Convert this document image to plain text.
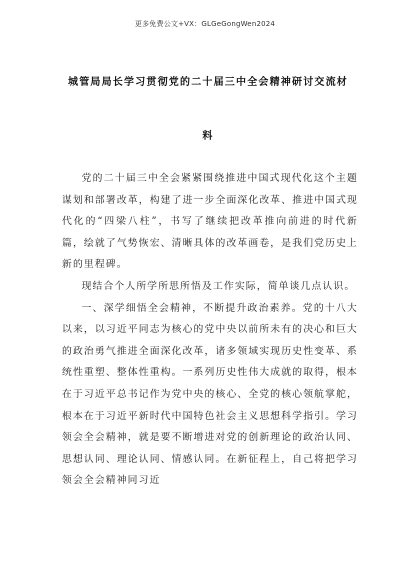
更多免费公文+VX：GLGeGongWen2024
城管局局长学习贯彻党的二十届三中全会精神研讨交流材
料

党的二十届三中全会紧紧围绕推进中国式现代化这个主题谋划和部署改革，构建了进一步全面深化改革、推进中国式现代化的“四梁八柱”，书写了继续把改革推向前进的时代新篇，绘就了气势恢宏、清晰具体的改革画卷，是我们党历史上新的里程碑。

现结合个人所学所思所悟及工作实际，简单谈几点认识。

一、深学细悟全会精神，不断提升政治素养。党的十八大以来，以习近平同志为核心的党中央以前所未有的决心和巨大的政治勇气推进全面深化改革，诸多领域实现历史性变革、系统性重塑、整体性重构。一系列历史性伟大成就的取得，根本在于习近平总书记作为党中央的核心、全党的核心领航掌舵，根本在于习近平新时代中国特色社会主义思想科学指引。学习领会全会精神，就是要不断增进对党的创新理论的政治认同、思想认同、理论认同、情感认同。在新征程上，自己将把学习领会全会精神同习近
